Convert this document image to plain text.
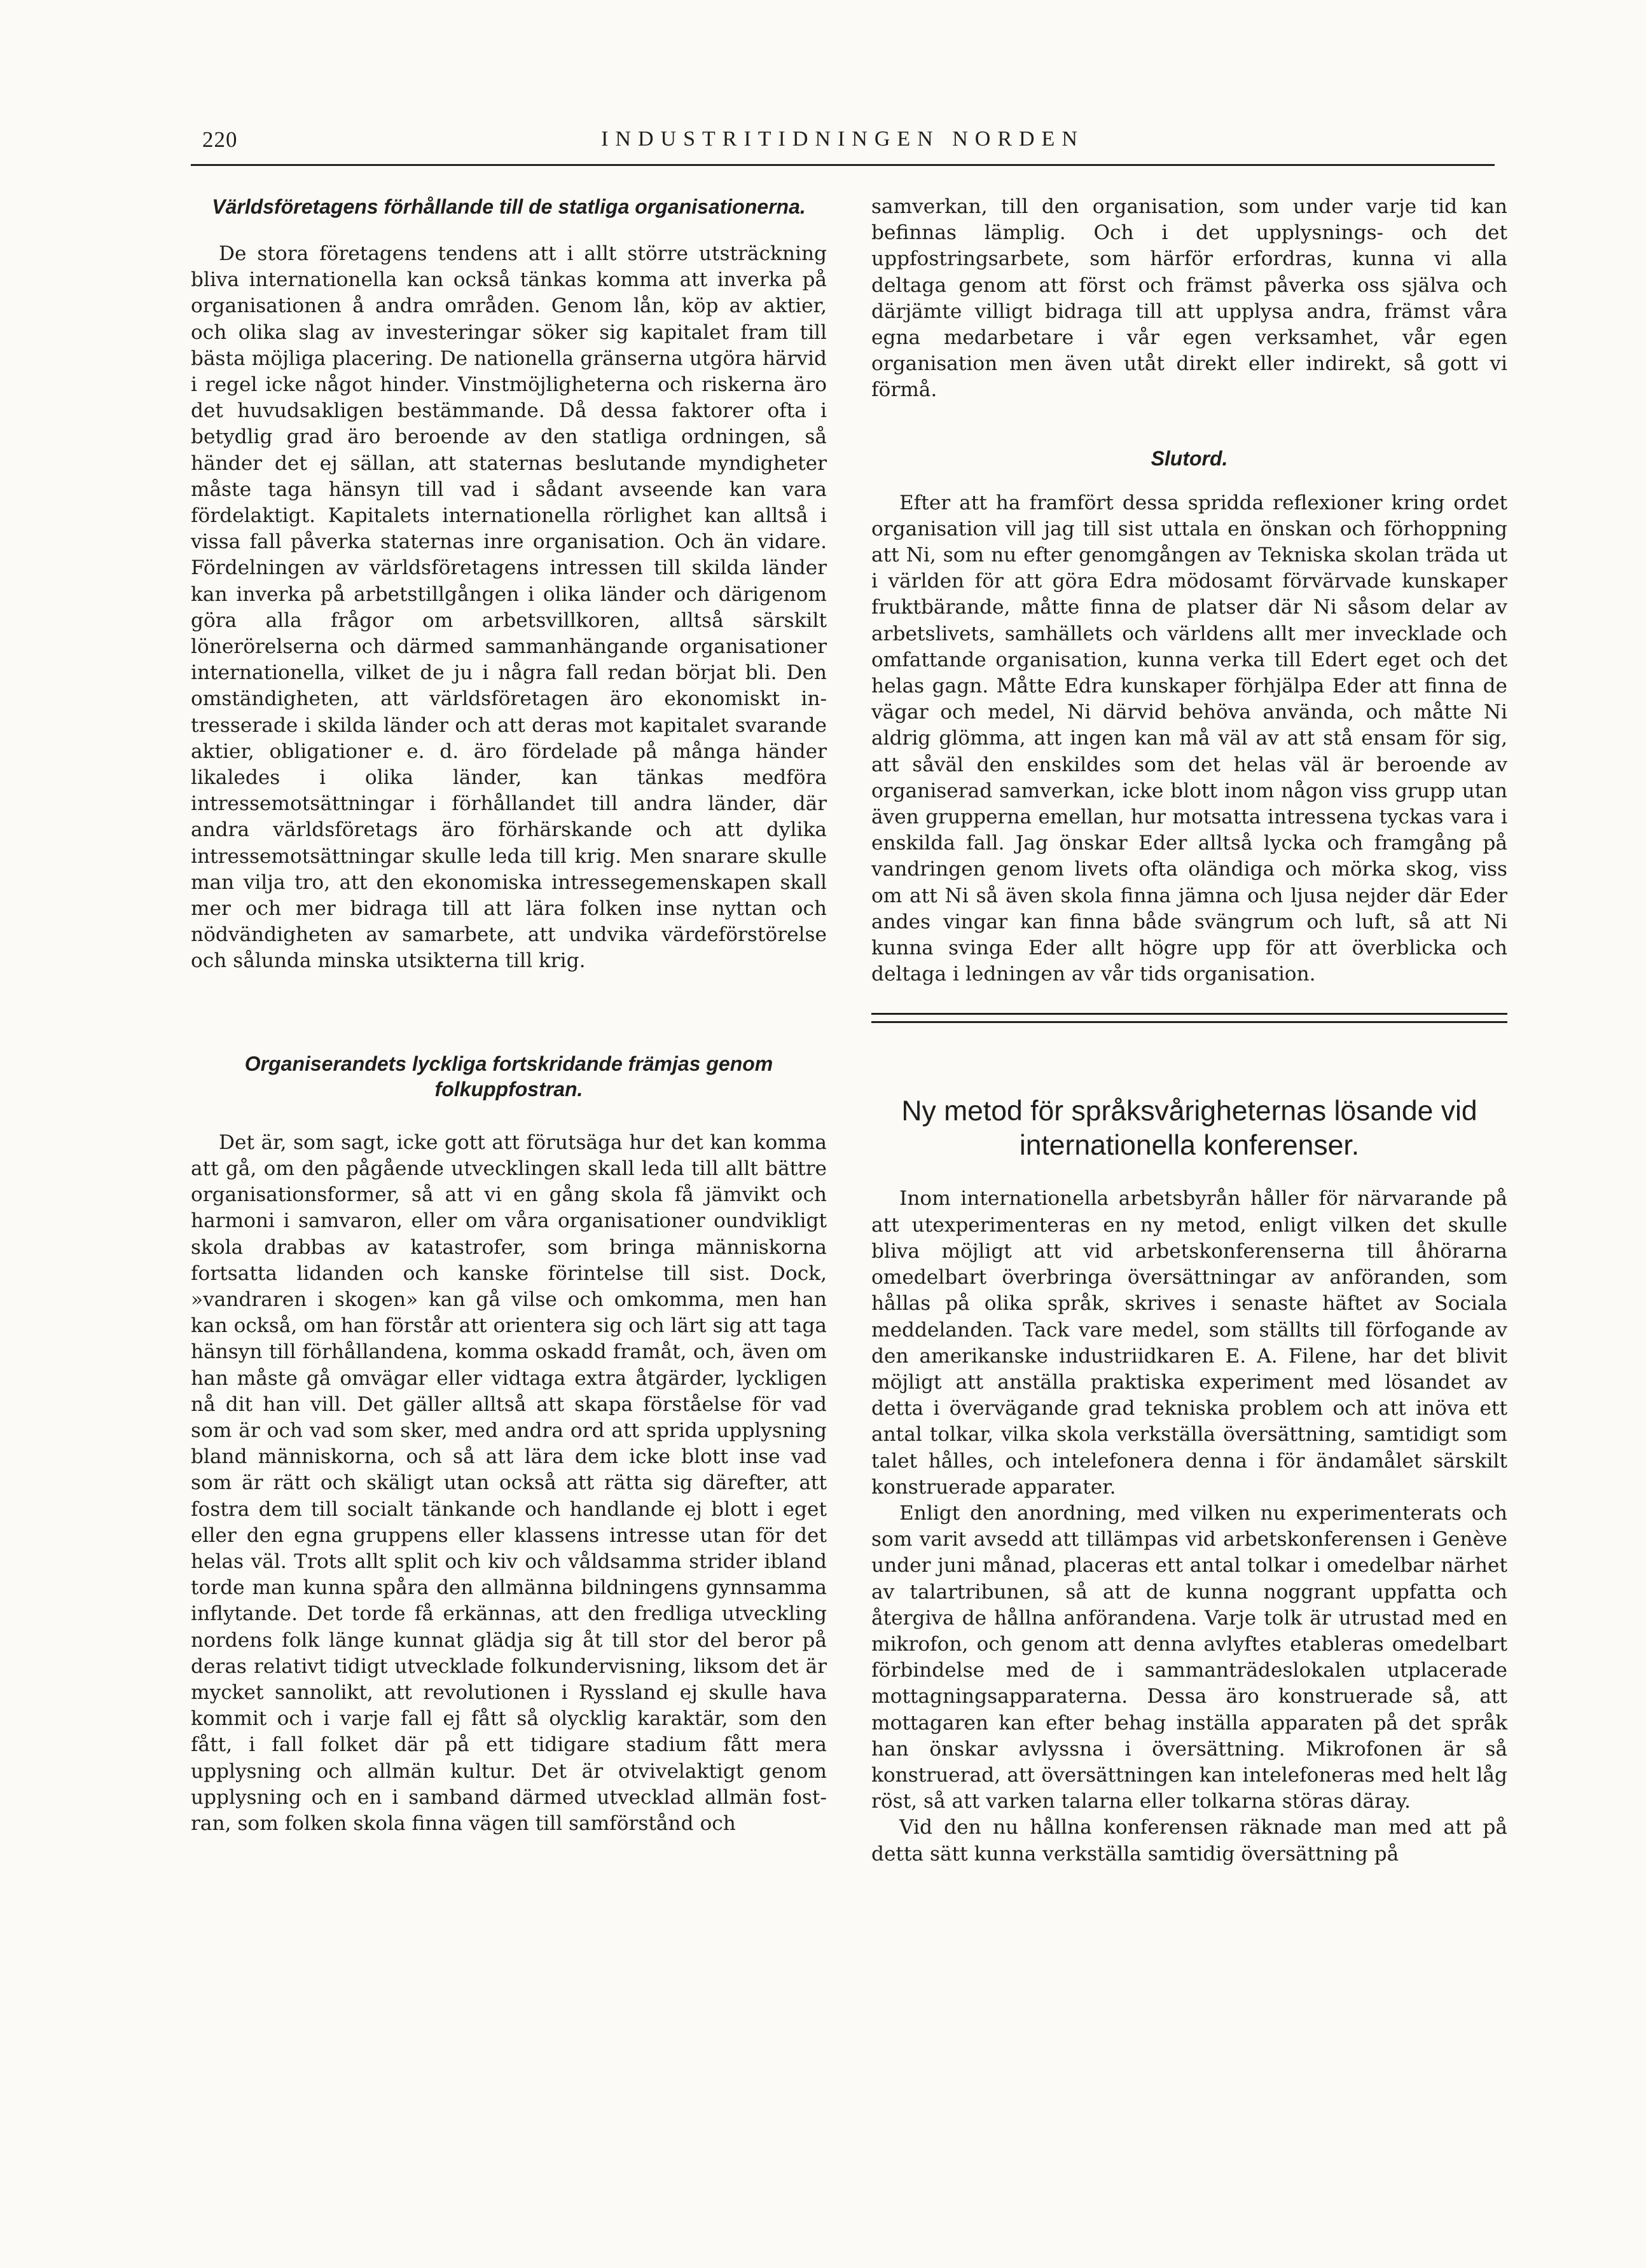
220	INDUSTRITIDNINGEN NORDEN
Världsföretagens förhållande till de statliga organisationerna.

De stora företagens tendens att i allt större utsträckning bliva internationella kan också tänkas komma att inverka på organisationen å andra områden. Genom lån, köp av aktier, och olika slag av investeringar söker sig kapitalet fram till bästa möjliga placering. De nationella gränserna utgöra härvid i regel icke något hinder. Vinstmöjligheterna och riskerna äro det huvudsakligen bestämmande. Då dessa faktorer ofta i betydlig grad äro beroende av den statliga ordningen, så händer det ej sällan, att staternas beslutande myndigheter måste taga hänsyn till vad i sådant avseende kan vara fördelaktigt. Kapitalets internationella rörlighet kan alltså i vissa fall påverka staternas inre organisation. Och än vidare. Fördelningen av världsföretagens intressen till skilda länder kan inverka på arbetstillgången i olika länder och därigenom göra alla frågor om arbetsvillkoren, alltså särskilt lönerörelserna och därmed sammanhängande organisationer internationella, vilket de ju i några fall redan börjat bli. Den omständigheten, att världsföretagen äro ekonomiskt intresserade i skilda länder och att deras mot kapitalet svarande aktier, obligationer e. d. äro fördelade på många händer likaledes i olika länder, kan tänkas medföra intressemotsättningar i förhållandet till andra länder, där andra världsföretags äro förhärskande och att dylika intressemotsättningar skulle leda till krig. Men snarare skulle man vilja tro, att den ekonomiska intressegemenskapen skall mer och mer bidraga till att lära folken inse nyttan och nödvändigheten av samarbete, att undvika värdeförstörelse och sålunda minska utsikterna till krig.

Organiserandets lyckliga fortskridande främjas genom folkuppfostran.

Det är, som sagt, icke gott att förutsäga hur det kan komma att gå, om den pågående utvecklingen skall leda till allt bättre organisationsformer, så att vi en gång skola få jämvikt och harmoni i samvaron, eller om våra organisationer oundvikligt skola drabbas av katastrofer, som bringa människorna fortsatta lidanden och kanske förintelse till sist. Dock, »vandraren i skogen» kan gå vilse och omkomma, men han kan också, om han förstår att orientera sig och lärt sig att taga hänsyn till förhållandena, komma oskadd framåt, och, även om han måste gå omvägar eller vidtaga extra åtgärder, lyckligen nå dit han vill. Det gäller alltså att skapa förståelse för vad som är och vad som sker, med andra ord att sprida upplysning bland människorna, och så att lära dem icke blott inse vad som är rätt och skäligt utan också att rätta sig därefter, att fostra dem till socialt tänkande och handlande ej blott i eget eller den egna gruppens eller klassens intresse utan för det helas väl. Trots allt split och kiv och våldsamma strider ibland torde man kunna spåra den allmänna bildningens gynnsamma inflytande. Det torde få erkännas, att den fredliga utveckling nordens folk länge kunnat glädja sig åt till stor del beror på deras relativt tidigt utvecklade folkundervisning, liksom det är mycket sannolikt, att revolutionen i Ryssland ej skulle hava kommit och i varje fall ej fått så olycklig karaktär, som den fått, i fall folket där på ett tidigare stadium fått mera upplysning och allmän kultur. Det är otvivelaktigt genom upplysning och en i samband därmed utvecklad allmän fostran, som folken skola finna vägen till samförstånd och

samverkan, till den organisation, som under varje tid kan befinnas lämplig. Och i det upplysnings- och det uppfostringsarbete, som härför erfordras, kunna vi alla deltaga genom att först och främst påverka oss själva och därjämte villigt bidraga till att upplysa andra, främst våra egna medarbetare i vår egen verksamhet, vår egen organisation men även utåt direkt eller indirekt, så gott vi förmå.

Slutord.

Efter att ha framfört dessa spridda reflexioner kring ordet organisation vill jag till sist uttala en önskan och förhoppning att Ni, som nu efter genomgången av Tekniska skolan träda ut i världen för att göra Edra mödosamt förvärvade kunskaper fruktbärande, måtte finna de platser där Ni såsom delar av arbetslivets, samhällets och världens allt mer invecklade och omfattande organisation, kunna verka till Edert eget och det helas gagn. Måtte Edra kunskaper förhjälpa Eder att finna de vägar och medel, Ni därvid behöva använda, och måtte Ni aldrig glömma, att ingen kan må väl av att stå ensam för sig, att såväl den enskildes som det helas väl är beroende av organiserad samverkan, icke blott inom någon viss grupp utan även grupperna emellan, hur motsatta intressena tyckas vara i enskilda fall. Jag önskar Eder alltså lycka och framgång på vandringen genom livets ofta oländiga och mörka skog, viss om att Ni så även skola finna jämna och ljusa nejder där Eder andes vingar kan finna både svängrum och luft, så att Ni kunna svinga Eder allt högre upp för att överblicka och deltaga i ledningen av vår tids organisation.

Ny metod för språksvårigheternas lösande vid internationella konferenser.

Inom internationella arbetsbyrån håller för närvarande på att utexperimenteras en ny metod, enligt vilken det skulle bliva möjligt att vid arbetskonferenserna till åhörarna omedelbart överbringa översättningar av anföranden, som hållas på olika språk, skrives i senaste häftet av Sociala meddelanden. Tack vare medel, som ställts till förfogande av den amerikanske industriidkaren E. A. Filene, har det blivit möjligt att anställa praktiska experiment med lösandet av detta i övervägande grad tekniska problem och att inöva ett antal tolkar, vilka skola verkställa översättning, samtidigt som talet hålles, och intelefonera denna i för ändamålet särskilt konstruerade apparater.

Enligt den anordning, med vilken nu experimenterats och som varit avsedd att tillämpas vid arbetskonferensen i Genève under juni månad, placeras ett antal tolkar i omedelbar närhet av talartribunen, så att de kunna noggrant uppfatta och återgiva de hållna anförandena. Varje tolk är utrustad med en mikrofon, och genom att denna avlyftes etableras omedelbart förbindelse med de i sammanträdeslokalen utplacerade mottagningsapparaterna. Dessa äro konstruerade så, att mottagaren kan efter behag inställa apparaten på det språk han önskar avlyssna i översättning. Mikrofonen är så konstruerad, att översättningen kan intelefoneras med helt låg röst, så att varken talarna eller tolkarna störas däray.

Vid den nu hållna konferensen räknade man med att på detta sätt kunna verkställa samtidig översättning på
